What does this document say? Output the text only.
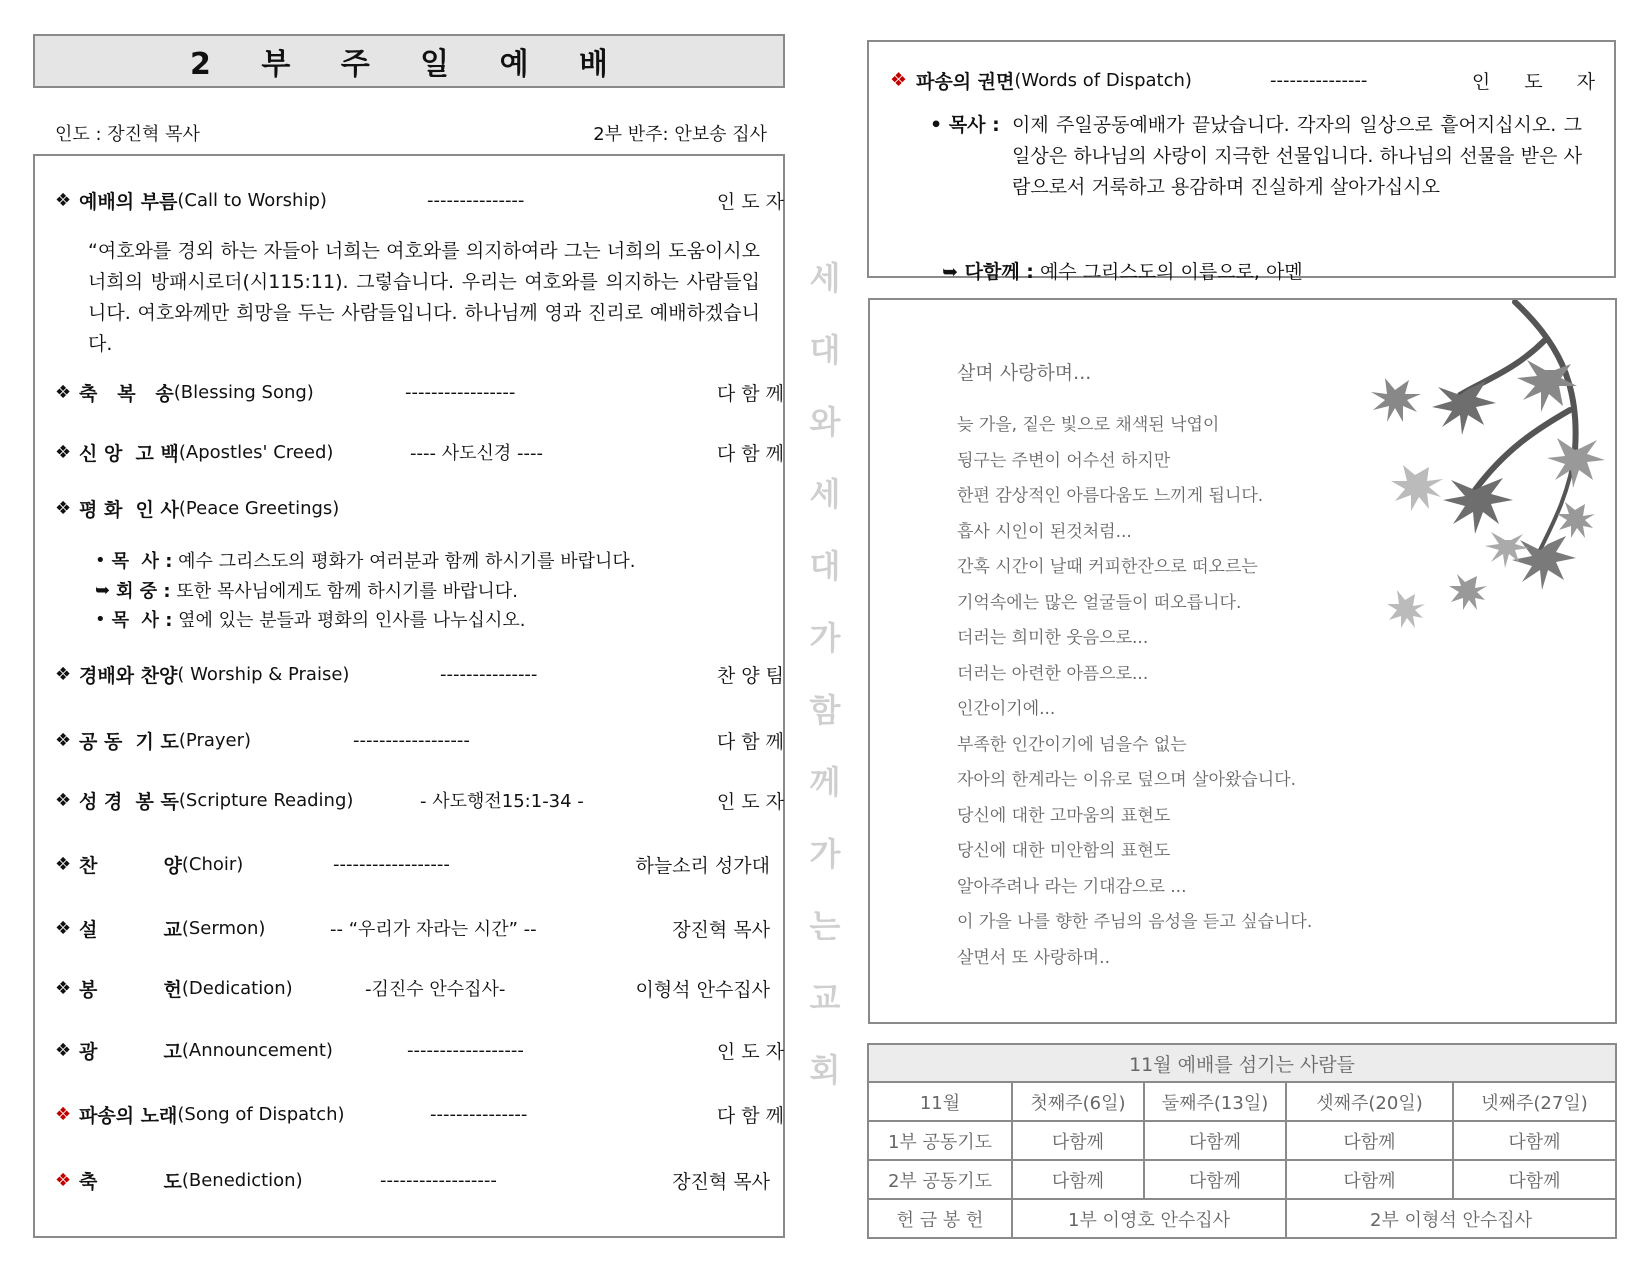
2 부 주 일 예 배
인도 : 장진혁 목사	2부 반주: 안보송 집사
❖ 예배의 부름 (Call to Worship)	---------------	인 도 자
“여호와를 경외 하는 자들아 너희는 여호와를 의지하여라 그는 너희의 도움이시오 너희의 방패시로더(시115:11). 그렇습니다. 우리는 여호와를 의지하는 사람들입니다. 여호와께만 희망을 두는 사람들입니다. 하나님께 영과 진리로 예배하겠습니다.
❖ 축   복   송 (Blessing Song)	-----------------	다 함 께
❖ 신 앙  고 백 (Apostles' Creed)	---- 사도신경 ----	다 함 께
❖ 평 화  인 사 (Peace Greetings)
• 목  사 : 예수 그리스도의 평화가 여러분과 함께 하시기를 바랍니다.
➥ 회 중 : 또한 목사님에게도 함께 하시기를 바랍니다.
• 목  사 : 옆에 있는 분들과 평화의 인사를 나누십시오.
❖ 경배와 찬양 ( Worship & Praise)	---------------	찬 양 팀
❖ 공 동  기 도 (Prayer)	------------------	다 함 께
❖ 성 경  봉 독 (Scripture Reading)	- 사도행전15:1-34 -	인 도 자
❖ 찬          양 (Choir)	------------------	하늘소리 성가대
❖ 설          교 (Sermon)	-- “우리가 자라는 시간” --	장진혁 목사
❖ 봉          헌 (Dedication)	-김진수 안수집사-	이형석 안수집사
❖ 광          고 (Announcement)	------------------	인 도 자
❖ 파송의 노래 (Song of Dispatch)	---------------	다 함 께
❖ 축          도 (Benediction)	------------------	장진혁 목사
세
대
와
세
대
가
함
께
가
는
교
회
❖ 파송의 권면 (Words of Dispatch)	---------------	인 도 자
• 목사 : 이제 주일공동예배가 끝났습니다. 각자의 일상으로 흩어지십시오. 그 일상은 하나님의 사랑이 지극한 선물입니다. 하나님의 선물을 받은 사람으로서 거룩하고 용감하며 진실하게 살아가십시오

➥ 다함께 : 예수 그리스도의 이름으로, 아멘

살며 사랑하며...
늦 가을, 짙은 빛으로 채색된 낙엽이
뒹구는 주변이 어수선 하지만
한편 감상적인 아름다움도 느끼게 됩니다.
흡사 시인이 된것처럼...
간혹 시간이 날때 커피한잔으로 떠오르는
기억속에는 많은 얼굴들이 떠오릅니다.
더러는 희미한 웃음으로...
더러는 아련한 아픔으로...
인간이기에...
부족한 인간이기에 넘을수 없는
자아의 한계라는 이유로 덮으며 살아왔습니다.
당신에 대한 고마움의 표현도
당신에 대한 미안함의 표현도
알아주려나 라는 기대감으로 ...
이 가을 나를 향한 주님의 음성을 듣고 싶습니다.
살면서 또 사랑하며..
11월 예배를 섬기는 사람들				
11월	첫째주(6일)	둘째주(13일)	셋째주(20일)	넷째주(27일)
1부 공동기도	다함께	다함께	다함께	다함께
2부 공동기도	다함께	다함께	다함께	다함께
헌 금 봉 헌	1부 이영호 안수집사		2부 이형석 안수집사	
